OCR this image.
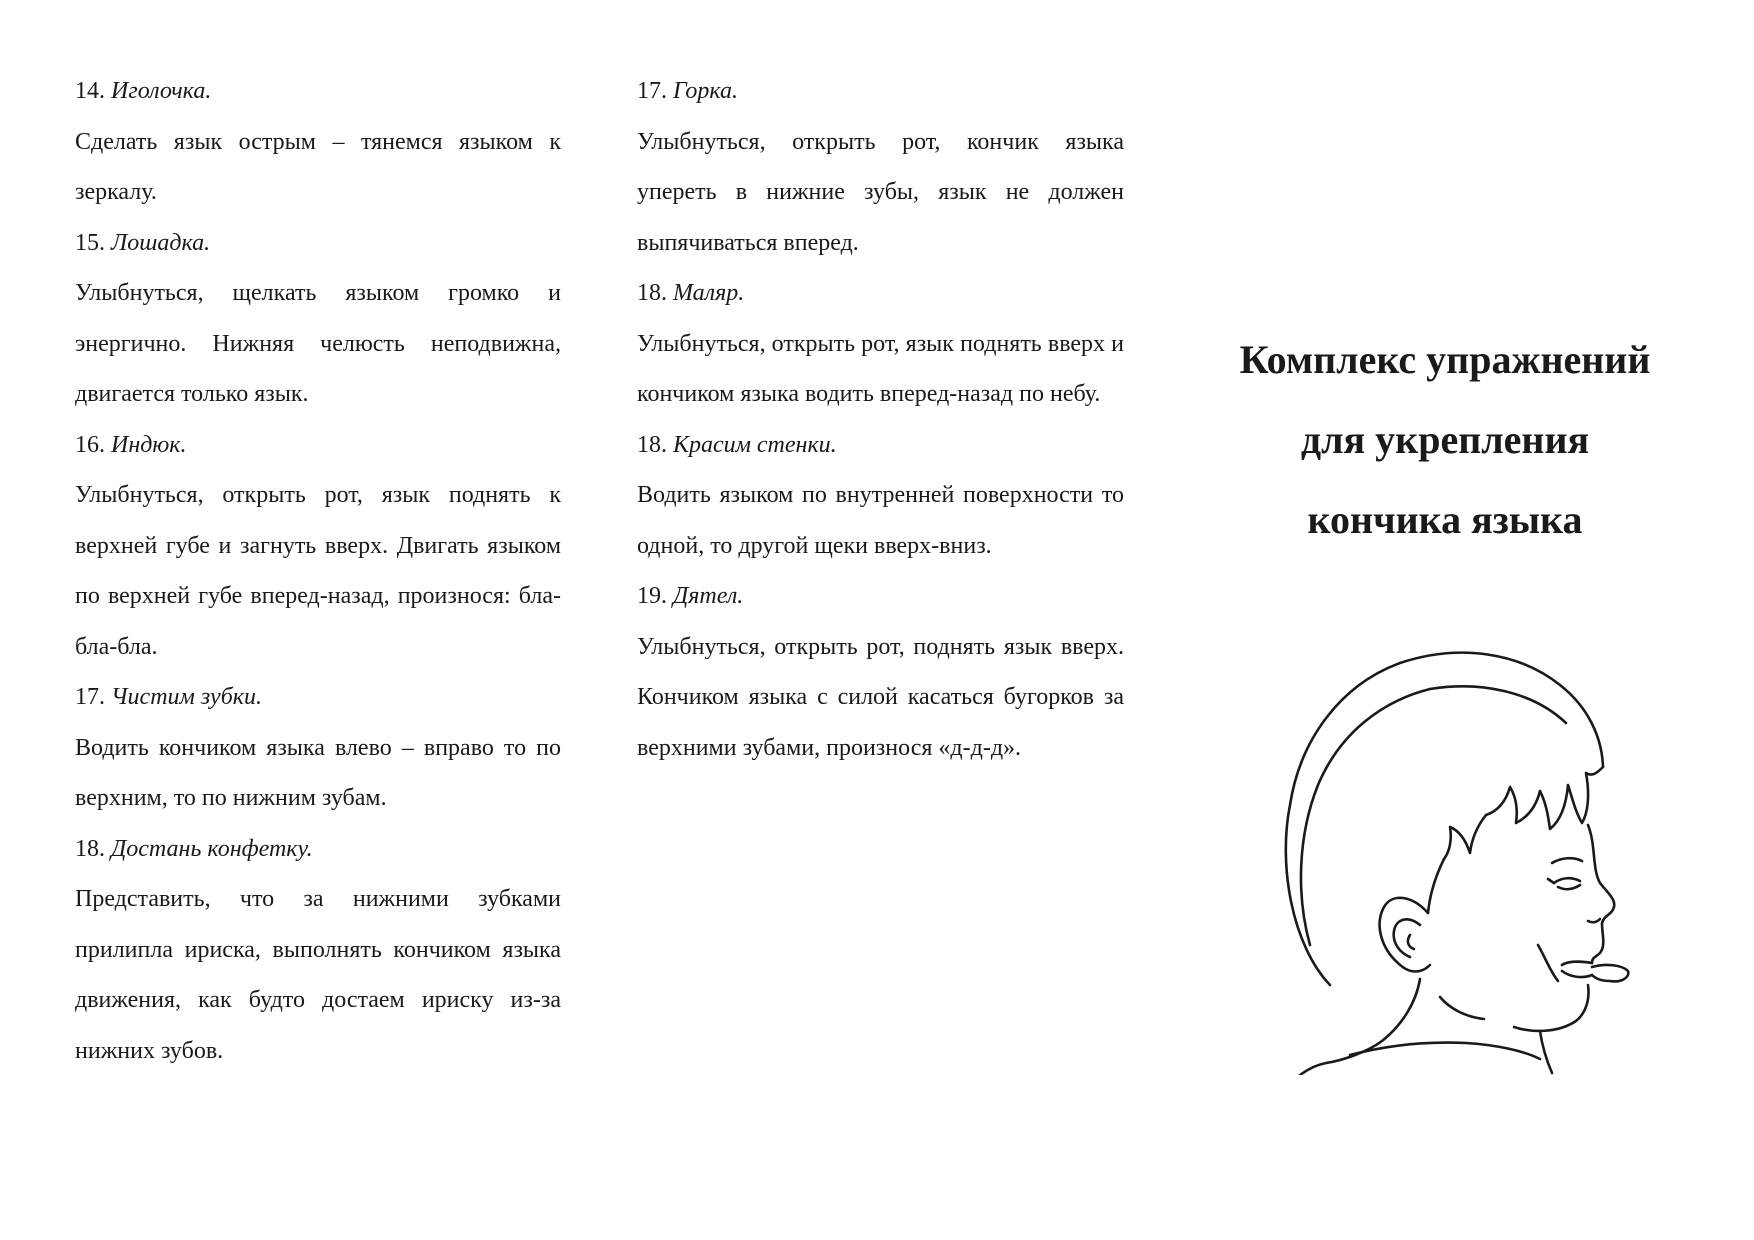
14. Иголочка.

Сделать язык острым – тянемся языком к зеркалу.

15. Лошадка.

Улыбнуться, щелкать языком громко и энергично. Нижняя челюсть неподвижна, двигается только язык.

16. Индюк.

Улыбнуться, открыть рот, язык поднять к верхней губе и загнуть вверх. Двигать языком по верхней губе вперед-назад, произнося: бла-бла-бла.

17. Чистим зубки.

Водить кончиком языка влево – вправо то по верхним, то по нижним зубам.

18. Достань конфетку.

Представить, что за нижними зубками прилипла ириска, выполнять кончиком языка движения, как будто достаем ириску из-за нижних зубов.

17. Горка.

Улыбнуться, открыть рот, кончик языка упереть в нижние зубы, язык не должен выпячиваться вперед.

18. Маляр.

Улыбнуться, открыть рот, язык поднять вверх и кончиком языка водить вперед-назад по небу.

18. Красим стенки.

Водить языком по внутренней поверхности то одной, то другой щеки вверх-вниз.

19. Дятел.

Улыбнуться, открыть рот, поднять язык вверх. Кончиком языка с силой касаться бугорков за верхними зубами, произнося «д-д-д».

Комплекс упражнений
для укрепления
кончика языка
